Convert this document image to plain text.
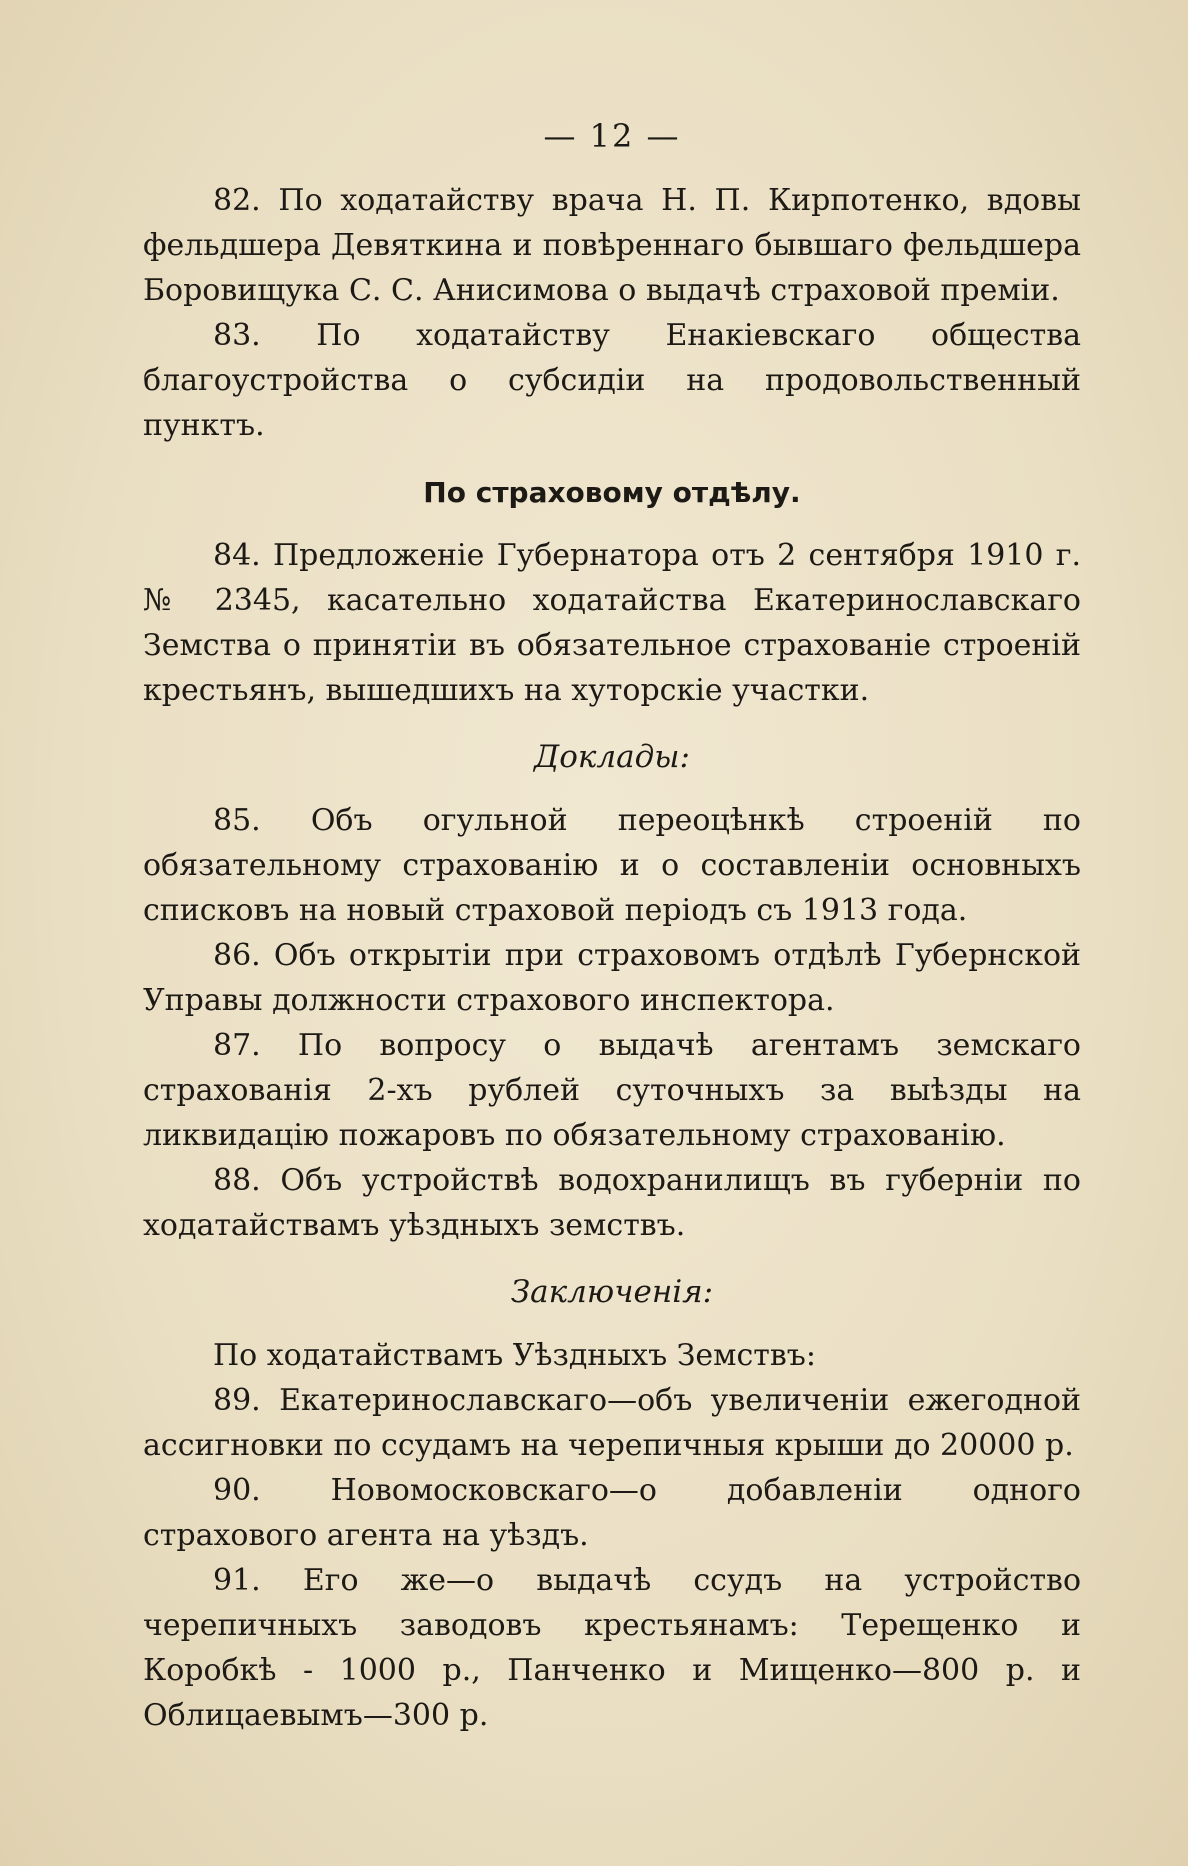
— 12 —

82. По ходатайству врача Н. П. Кирпотенко, вдовы фельдшера Девяткина и повѣреннаго бывшаго фельдшера Боровищука С. С. Анисимова о выдачѣ страховой преміи.

83. По ходатайству Енакіевскаго общества благоустройства о субсидіи на продовольственный пунктъ.

По страховому отдѣлу.

84. Предложеніе Губернатора отъ 2 сентября 1910 г. № 2345, касательно ходатайства Екатеринославскаго Земства о принятіи въ обязательное страхованіе строеній крестьянъ, вышедшихъ на хуторскіе участки.

Доклады:

85. Объ огульной переоцѣнкѣ строеній по обязательному страхованію и о составленіи основныхъ списковъ на новый страховой періодъ съ 1913 года.

86. Объ открытіи при страховомъ отдѣлѣ Губернской Управы должности страхового инспектора.

87. По вопросу о выдачѣ агентамъ земскаго страхованія 2-хъ рублей суточныхъ за выѣзды на ликвидацію пожаровъ по обязательному страхованію.

88. Объ устройствѣ водохранилищъ въ губерніи по ходатайствамъ уѣздныхъ земствъ.

Заключенія:

По ходатайствамъ Уѣздныхъ Земствъ:

89. Екатеринославскаго—объ увеличеніи ежегодной ассигновки по ссудамъ на черепичныя крыши до 20000 р.

90. Новомосковскаго—о добавленіи одного страхового агента на уѣздъ.

91. Его же—о выдачѣ ссудъ на устройство черепичныхъ заводовъ крестьянамъ: Терещенко и Коробкѣ - 1000 р., Панченко и Мищенко—800 р. и Облицаевымъ—300 р.
